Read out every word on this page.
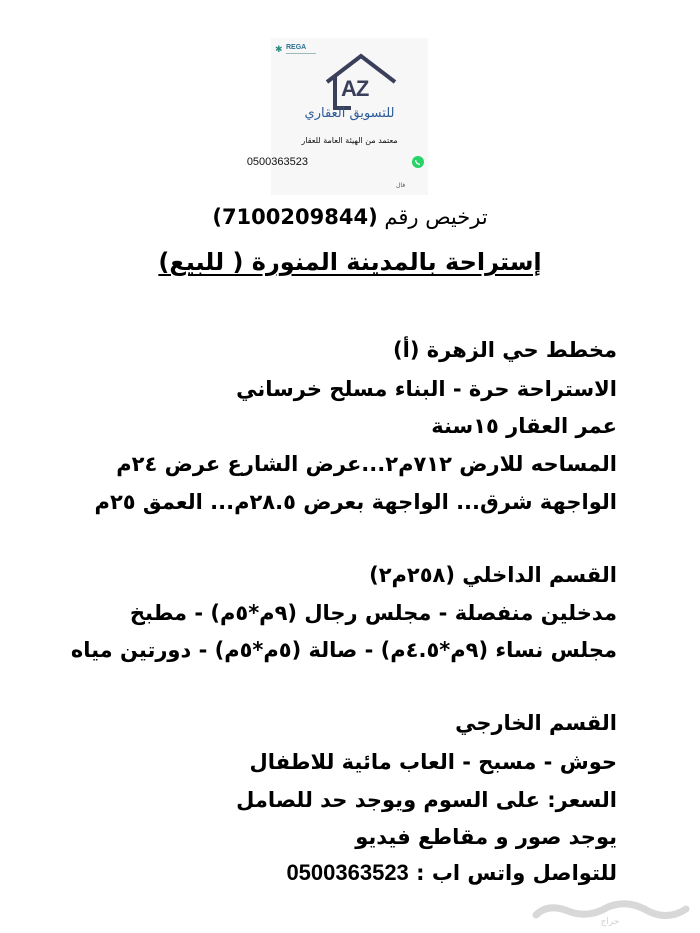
✱ REGA
AZ
للتسويق العقاري
معتمد من الهيئة العامة للعقار
0500363523
فال
ترخيص رقم (7100209844)
إستراحة بالمدينة المنورة ( للبيع)
مخطط حي الزهرة (أ)
الاستراحة حرة - البناء مسلح خرساني
عمر العقار ١٥سنة
المساحه للارض ٧١٢م٢...عرض الشارع عرض ٢٤م
الواجهة شرق... الواجهة بعرض ٢٨.٥م... العمق ٢٥م
القسم الداخلي (٢٥٨م٢)
مدخلين منفصلة - مجلس رجال (٩م*٥م) - مطبخ
مجلس نساء (٩م*٤.٥م) - صالة (٥م*٥م) - دورتين مياه
القسم الخارجي
حوش - مسبح - العاب مائية للاطفال
السعر: على السوم ويوجد حد للصامل
يوجد صور و مقاطع فيديو
للتواصل واتس اب : 0500363523
حراج
